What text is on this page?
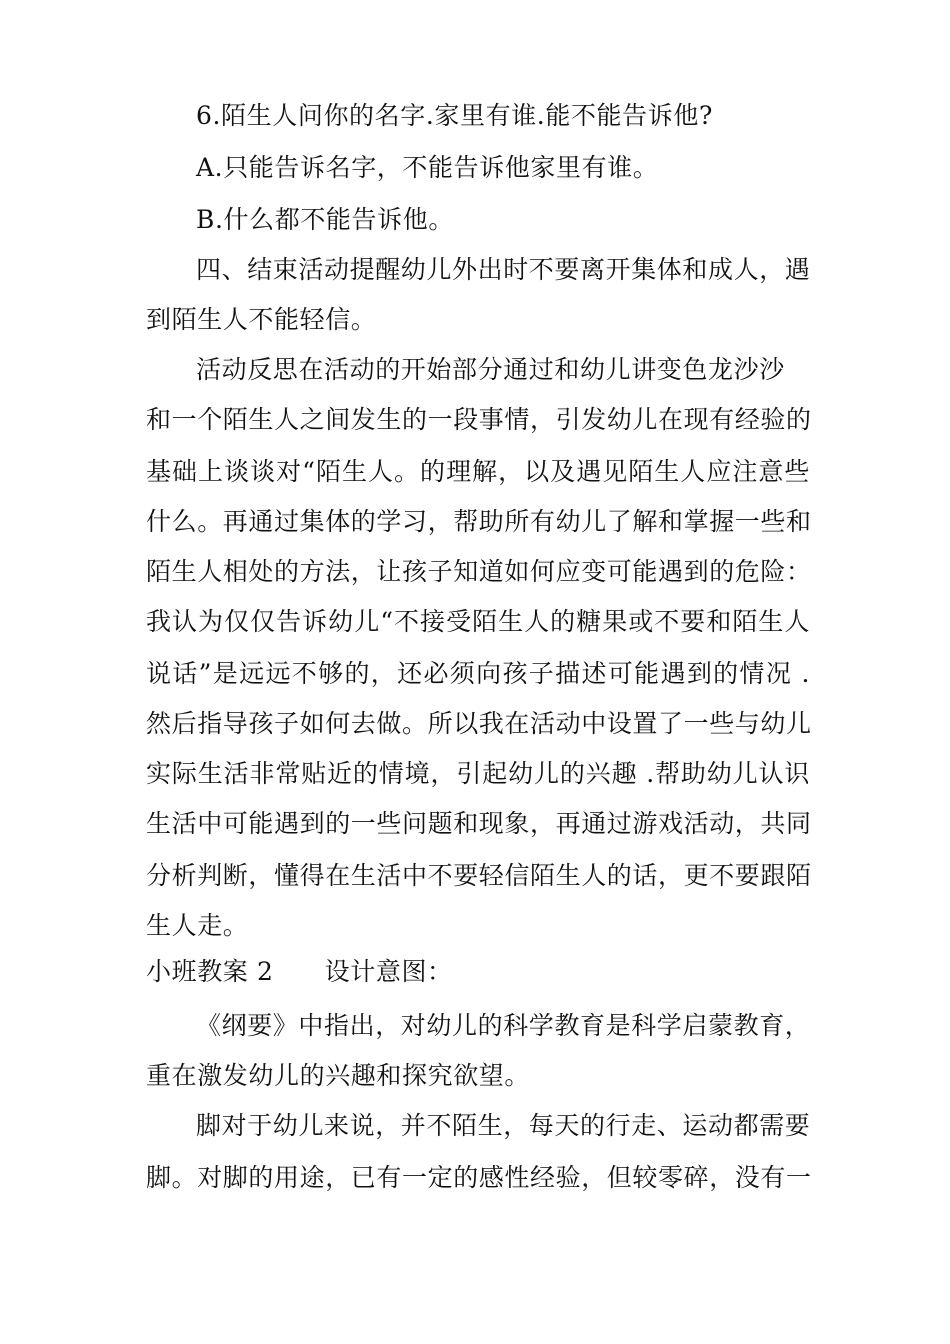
6.陌生人问你的名字.家里有谁.能不能告诉他?
A.只能告诉名字，不能告诉他家里有谁。
B.什么都不能告诉他。
四、结束活动提醒幼儿外出时不要离开集体和成人，遇
到陌生人不能轻信。
活动反思在活动的开始部分通过和幼儿讲变色龙沙沙
和一个陌生人之间发生的一段事情，引发幼儿在现有经验的
基础上谈谈对“陌生人。的理解，以及遇见陌生人应注意些
什么。再通过集体的学习，帮助所有幼儿了解和掌握一些和
陌生人相处的方法，让孩子知道如何应变可能遇到的危险：
我认为仅仅告诉幼儿“不接受陌生人的糖果或不要和陌生人
说话”是远远不够的，还必须向孩子描述可能遇到的情况 .
然后指导孩子如何去做。所以我在活动中设置了一些与幼儿
实际生活非常贴近的情境，引起幼儿的兴趣 .帮助幼儿认识
生活中可能遇到的一些问题和现象，再通过游戏活动，共同
分析判断，懂得在生活中不要轻信陌生人的话，更不要跟陌
生人走。
小班教案 2　　设计意图：
《纲要》中指出，对幼儿的科学教育是科学启蒙教育，
重在激发幼儿的兴趣和探究欲望。
脚对于幼儿来说，并不陌生，每天的行走、运动都需要
脚。对脚的用途，已有一定的感性经验，但较零碎，没有一
